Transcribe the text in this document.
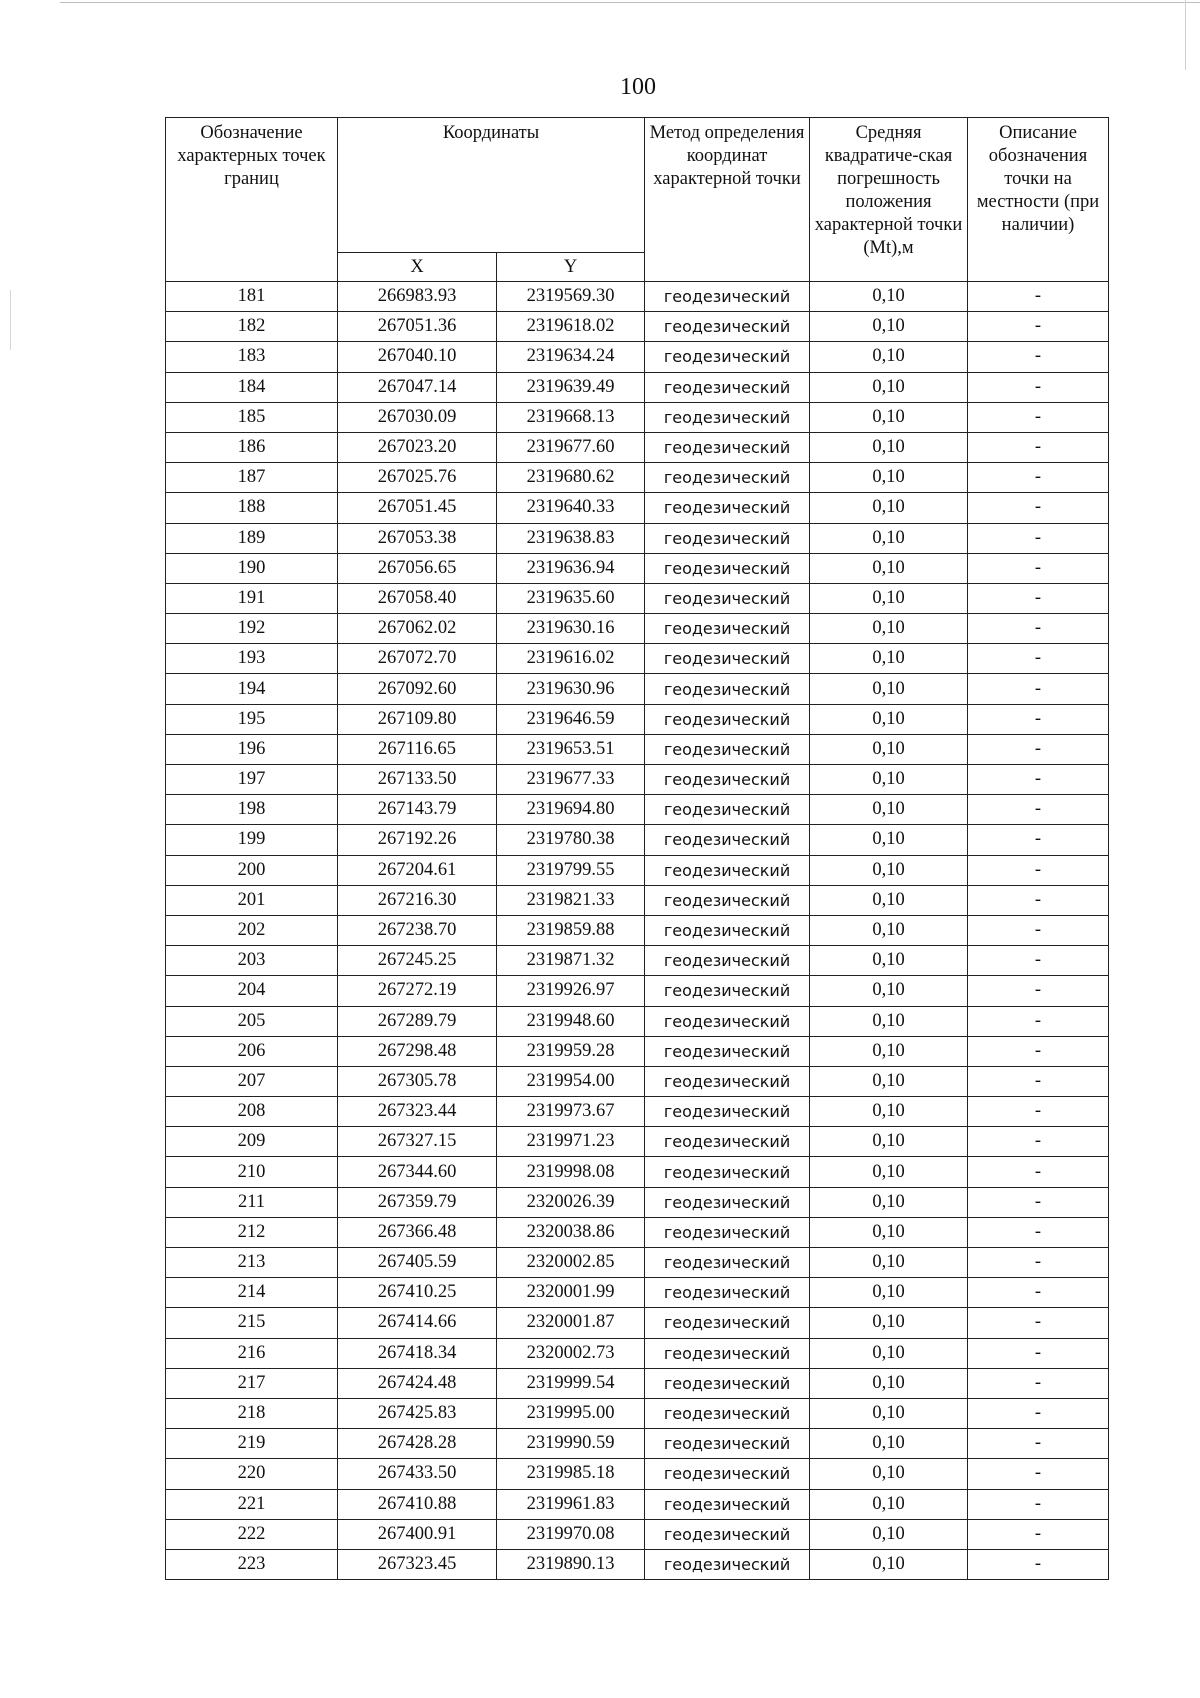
100
Обозначение характерных точек границ	Координаты		Метод определения координат характерной точки	Средняя квадратиче-ская погрешность положения характерной точки (Mt),м	Описание обозначения точки на местности (при наличии)
	X	Y			
181	266983.93	2319569.30	геодезический	0,10	-
182	267051.36	2319618.02	геодезический	0,10	-
183	267040.10	2319634.24	геодезический	0,10	-
184	267047.14	2319639.49	геодезический	0,10	-
185	267030.09	2319668.13	геодезический	0,10	-
186	267023.20	2319677.60	геодезический	0,10	-
187	267025.76	2319680.62	геодезический	0,10	-
188	267051.45	2319640.33	геодезический	0,10	-
189	267053.38	2319638.83	геодезический	0,10	-
190	267056.65	2319636.94	геодезический	0,10	-
191	267058.40	2319635.60	геодезический	0,10	-
192	267062.02	2319630.16	геодезический	0,10	-
193	267072.70	2319616.02	геодезический	0,10	-
194	267092.60	2319630.96	геодезический	0,10	-
195	267109.80	2319646.59	геодезический	0,10	-
196	267116.65	2319653.51	геодезический	0,10	-
197	267133.50	2319677.33	геодезический	0,10	-
198	267143.79	2319694.80	геодезический	0,10	-
199	267192.26	2319780.38	геодезический	0,10	-
200	267204.61	2319799.55	геодезический	0,10	-
201	267216.30	2319821.33	геодезический	0,10	-
202	267238.70	2319859.88	геодезический	0,10	-
203	267245.25	2319871.32	геодезический	0,10	-
204	267272.19	2319926.97	геодезический	0,10	-
205	267289.79	2319948.60	геодезический	0,10	-
206	267298.48	2319959.28	геодезический	0,10	-
207	267305.78	2319954.00	геодезический	0,10	-
208	267323.44	2319973.67	геодезический	0,10	-
209	267327.15	2319971.23	геодезический	0,10	-
210	267344.60	2319998.08	геодезический	0,10	-
211	267359.79	2320026.39	геодезический	0,10	-
212	267366.48	2320038.86	геодезический	0,10	-
213	267405.59	2320002.85	геодезический	0,10	-
214	267410.25	2320001.99	геодезический	0,10	-
215	267414.66	2320001.87	геодезический	0,10	-
216	267418.34	2320002.73	геодезический	0,10	-
217	267424.48	2319999.54	геодезический	0,10	-
218	267425.83	2319995.00	геодезический	0,10	-
219	267428.28	2319990.59	геодезический	0,10	-
220	267433.50	2319985.18	геодезический	0,10	-
221	267410.88	2319961.83	геодезический	0,10	-
222	267400.91	2319970.08	геодезический	0,10	-
223	267323.45	2319890.13	геодезический	0,10	-
